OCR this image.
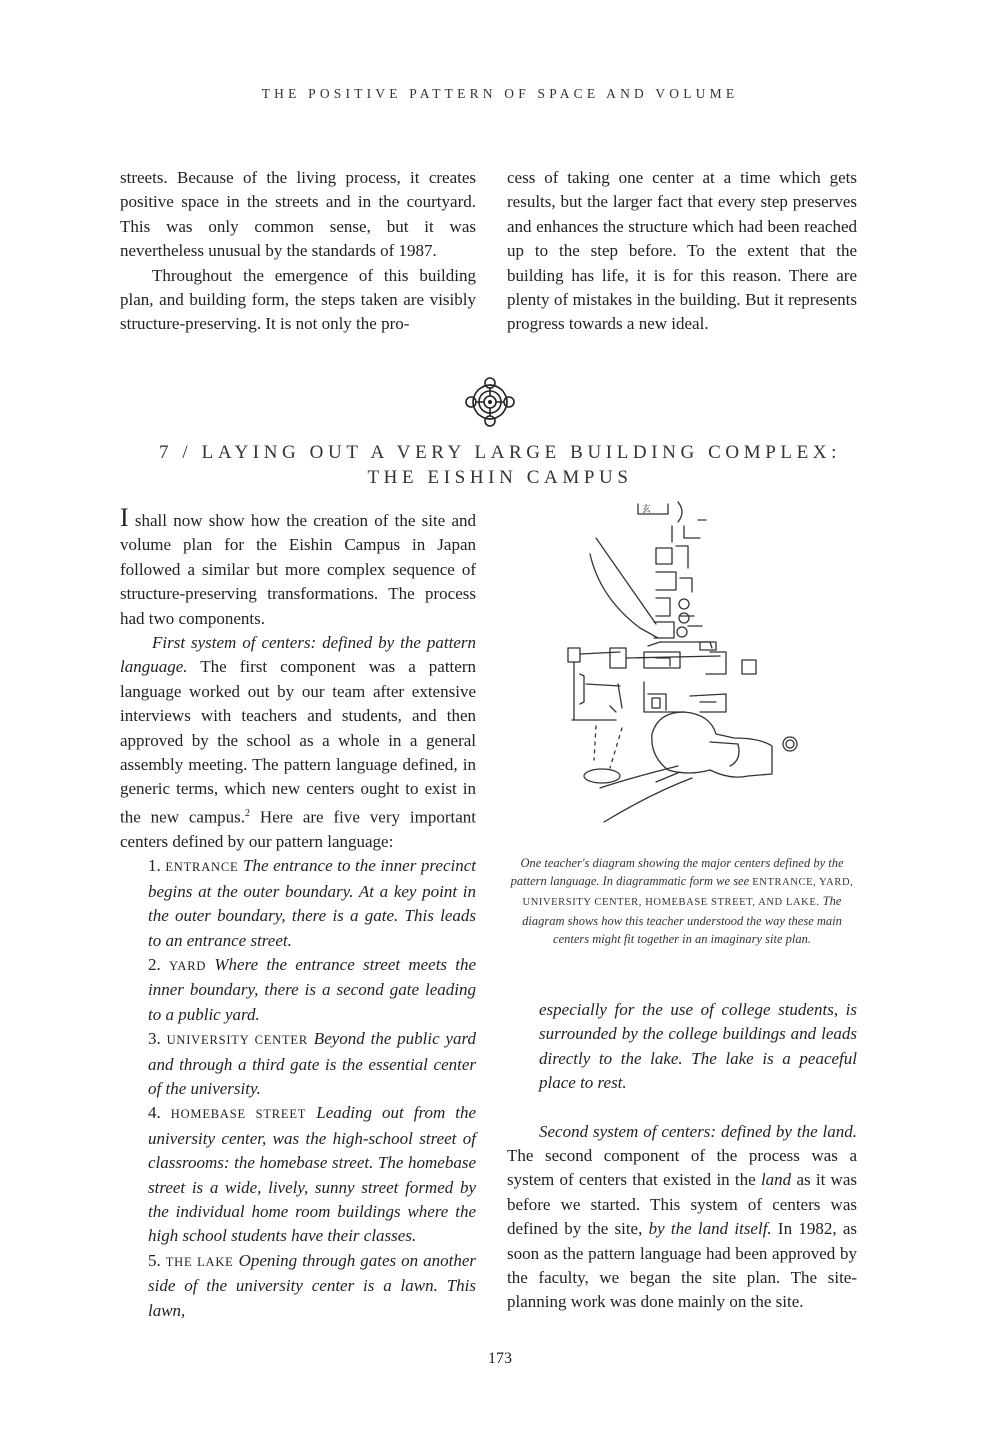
THE POSITIVE PATTERN OF SPACE AND VOLUME

streets. Because of the living process, it creates positive space in the streets and in the courtyard. This was only common sense, but it was nevertheless unusual by the standards of 1987.

Throughout the emergence of this building plan, and building form, the steps taken are visibly structure-preserving. It is not only the pro-

cess of taking one center at a time which gets results, but the larger fact that every step preserves and enhances the structure which had been reached up to the step before. To the extent that the building has life, it is for this reason. There are plenty of mistakes in the building. But it represents progress towards a new ideal.

7 / LAYING OUT A VERY LARGE BUILDING COMPLEX:
THE EISHIN CAMPUS

I shall now show how the creation of the site and volume plan for the Eishin Campus in Japan followed a similar but more complex sequence of structure-preserving transformations. The process had two components.

First system of centers: defined by the pattern language. The first component was a pattern language worked out by our team after extensive interviews with teachers and students, and then approved by the school as a whole in a general assembly meeting. The pattern language defined, in generic terms, which new centers ought to exist in the new campus.$^2$ Here are five very important centers defined by our pattern language:

1. ENTRANCE The entrance to the inner precinct begins at the outer boundary. At a key point in the outer boundary, there is a gate. This leads to an entrance street.

2. YARD Where the entrance street meets the inner boundary, there is a second gate leading to a public yard.

3. UNIVERSITY CENTER Beyond the public yard and through a third gate is the essential center of the university.

4. HOMEBASE STREET Leading out from the university center, was the high-school street of classrooms: the homebase street. The homebase street is a wide, lively, sunny street formed by the individual home room buildings where the high school students have their classes.

5. THE LAKE Opening through gates on another side of the university center is a lawn. This lawn,

玄
One teacher's diagram showing the major centers defined by the pattern language. In diagrammatic form we see ENTRANCE, YARD, UNIVERSITY CENTER, HOMEBASE STREET, AND LAKE. The diagram shows how this teacher understood the way these main centers might fit together in an imaginary site plan.

especially for the use of college students, is surrounded by the college buildings and leads directly to the lake. The lake is a peaceful place to rest.

Second system of centers: defined by the land. The second component of the process was a system of centers that existed in the land as it was before we started. This system of centers was defined by the site, by the land itself. In 1982, as soon as the pattern language had been approved by the faculty, we began the site plan. The site-planning work was done mainly on the site.

173
